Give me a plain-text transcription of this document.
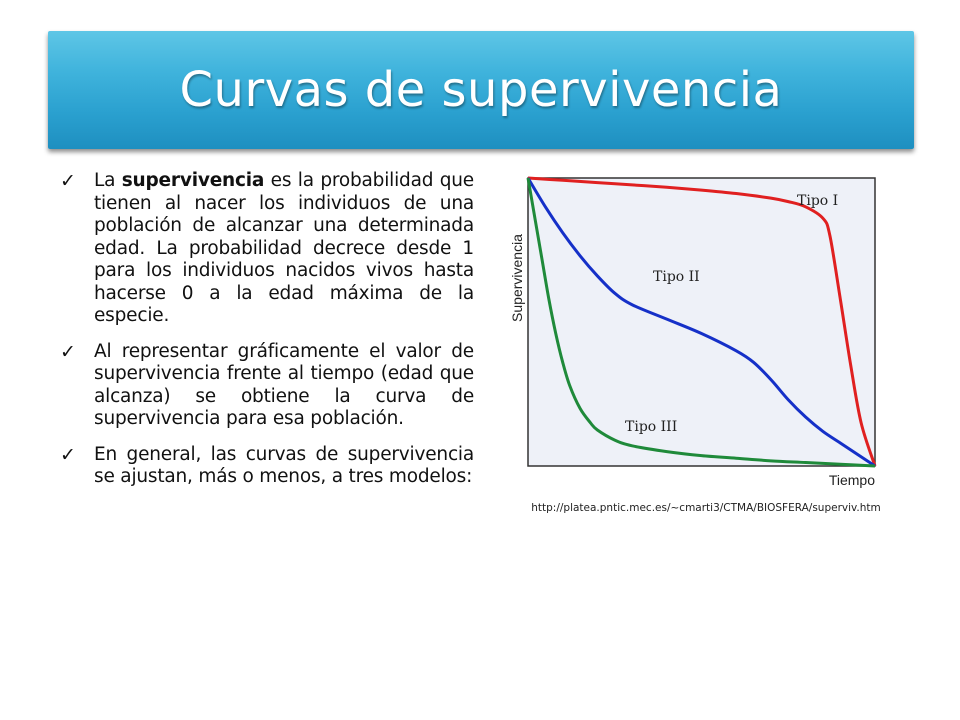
Curvas de supervivencia
✓ La supervivencia es la probabilidad que tienen al nacer los individuos de una población de alcanzar una determinada edad. La probabilidad decrece desde 1 para los individuos nacidos vivos hasta hacerse 0 a la edad máxima de la especie.
✓ Al representar gráficamente el valor de supervivencia frente al tiempo (edad que alcanza) se obtiene la curva de supervivencia para esa población.
✓ En general, las curvas de supervivencia se ajustan, más o menos, a tres modelos:
Tipo I
Tipo II
Tipo III
Supervivencia
Tiempo
http://platea.pntic.mec.es/~cmarti3/CTMA/BIOSFERA/superviv.htm
